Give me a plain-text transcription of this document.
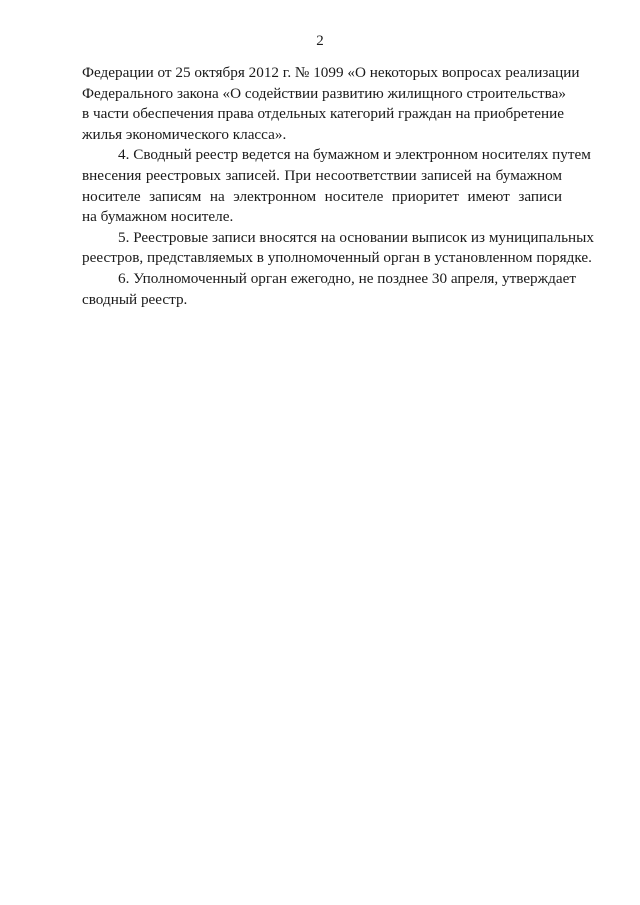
2

Федерации от 25 октября 2012 г. № 1099 «О некоторых вопросах реализации
Федерального закона «О содействии развитию жилищного строительства»
в части обеспечения права отдельных категорий граждан на приобретение
жилья экономического класса».

4. Сводный реестр ведется на бумажном и электронном носителях путем
внесения реестровых записей. При несоответствии записей на бумажном
носителе записям на электронном носителе приоритет имеют записи
на бумажном носителе.

5. Реестровые записи вносятся на основании выписок из муниципальных
реестров, представляемых в уполномоченный орган в установленном порядке.

6. Уполномоченный орган ежегодно, не позднее 30 апреля, утверждает
сводный реестр.
